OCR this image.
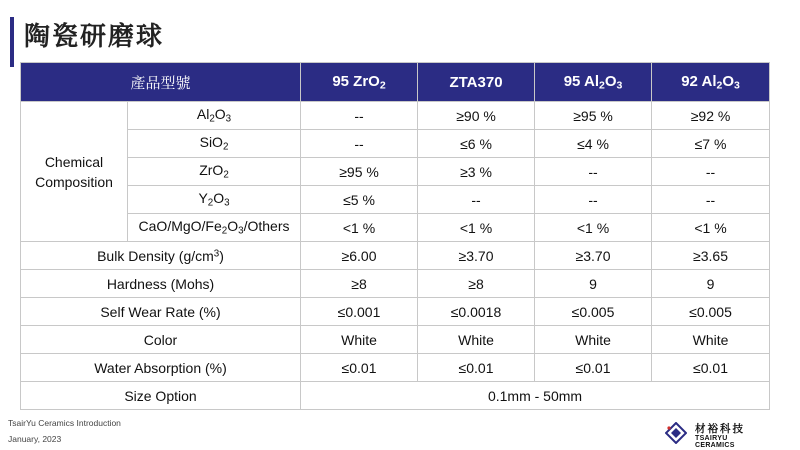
陶瓷研磨球
產品型號		95 ZrO$_2$	ZTA370	95 $Al_2O_3$	92 $Al_2O_3$
Chemical Composition	$Al_2O_3$	--	≥90 %	≥95 %	≥92 %
	SiO$_2$	--	≤6 %	≤4 %	≤7 %
	ZrO$_2$	≥95 %	≥3 %	--	--
	$Y_2O_3$	≤5 %	--	--	--
	CaO/$MgO/Fe_2O_3$/Others	<1 %	<1 %	<1 %	<1 %
Bulk Density $(g/cm^3)$		≥6.00	≥3.70	≥3.70	≥3.65
Hardness (Mohs)		≥8	≥8	9	9
Self Wear Rate (%)		≤0.001	≤0.0018	≤0.005	≤0.005
Color		White	White	White	White
Water Absorption (%)		≤0.01	≤0.01	≤0.01	≤0.01
Size Option		0.1mm - 50mm			
TsairYu Ceramics Introduction
January, 2023
材裕科技
TSAIRYU CERAMICS
